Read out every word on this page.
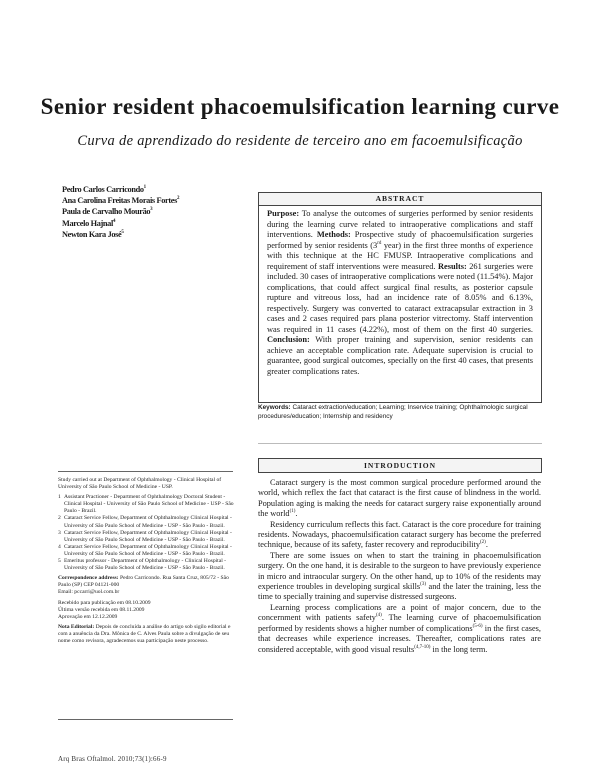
Senior resident phacoemulsification learning curve
Curva de aprendizado do residente de terceiro ano em facoemulsificação
Pedro Carlos Carricondo$^1$
Ana Carolina Freitas Morais Fortes$^2$
Paula de Carvalho Mourão$^3$
Marcelo Hajnal$^4$
Newton Kara José$^5$
ABSTRACT
Purpose: To analyse the outcomes of surgeries performed by senior residents during the learning curve related to intraoperative complications and staff interventions. Methods: Prospective study of phacoemulsification surgeries performed by senior residents (3rd year) in the first three months of experience with this technique at the HC FMUSP. Intraoperative complications and requirement of staff interventions were measured. Results: 261 surgeries were included. 30 cases of intraoperative complications were noted (11.54%). Major complications, that could affect surgical final results, as posterior capsule rupture and vitreous loss, had an incidence rate of 8.05% and 6.13%, respectively. Surgery was converted to cataract extracapsular extraction in 3 cases and 2 cases required pars plana posterior vitrectomy. Staff intervention was required in 11 cases (4.22%), most of them on the first 40 surgeries. Conclusion: With proper training and supervision, senior residents can achieve an acceptable complication rate. Adequate supervision is crucial to guarantee, good surgical outcomes, specially on the first 40 cases, that presents greater complications rates.
Keywords: Cataract extraction/education; Learning; Inservice training; Ophthalmologic surgical procedures/education; Internship and residency
INTRODUCTION

Cataract surgery is the most common surgical procedure performed around the world, which reflex the fact that cataract is the first cause of blindness in the world. Population aging is making the needs for cataract surgery raise exponentially around the world$^{(1)}$.

Residency curriculum reflects this fact. Cataract is the core procedure for training residents. Nowadays, phacoemulsification cataract surgery has become the preferred technique, because of its safety, faster recovery and reproducibility$^{(2)}$.

There are some issues on when to start the training in phacoemulsification surgery. On the one hand, it is desirable to the surgeon to have previously experience in micro and intraocular surgery. On the other hand, up to 10% of the residents may experience troubles in developing surgical skills$^{(3)}$ and the later the training, less the time to specially training and supervise distressed surgeons.

Learning process complications are a point of major concern, due to the concernment with patients safety$^{(4)}$. The learning curve of phacoemulsification performed by residents shows a higher number of complications$^{(5-6)}$ in the first cases, that decreases while experience increases. Thereafter, complications rates are considered acceptable, with good visual results$^{(4,7-10)}$ in the long term.

Study carried out at Department of Ophthalmology - Clinical Hospital of University of São Paulo School of Medicine - USP.
1 Assistant Practioner - Department of Ophthalmology Doctoral Student - Clinical Hospital - University of São Paulo School of Medicine - USP - São Paulo - Brazil.
2 Cataract Service Fellow, Department of Ophthalmology Clinical Hospital - University of São Paulo School of Medicine - USP - São Paulo - Brazil.
3 Cataract Service Fellow, Department of Ophthalmology Clinical Hospital - University of São Paulo School of Medicine - USP - São Paulo - Brazil.
4 Cataract Service Fellow, Department of Ophthalmology Clinical Hospital - University of São Paulo School of Medicine - USP - São Paulo - Brazil.
5 Emeritus professor - Department of Ophthalmology - Clinical Hospital - University of São Paulo School of Medicine - USP - São Paulo - Brazil.
Correspondence address: Pedro Carricondo. Rua Santa Cruz, 805/72 - São Paulo (SP) CEP 04121-000
Email: pccarri@uol.com.br
Recebido para publicação em 08.10.2009
Última versão recebida em 08.11.2009
Aprovação em 12.12.2009
Nota Editorial: Depois de concluída a análise do artigo sob sigilo editorial e com a anuência da Dra. Mônica de C. Alves Paula sobre a divulgação de seu nome como revisora, agradecemos sua participação neste processo.
Arq Bras Oftalmol. 2010;73(1):66-9
